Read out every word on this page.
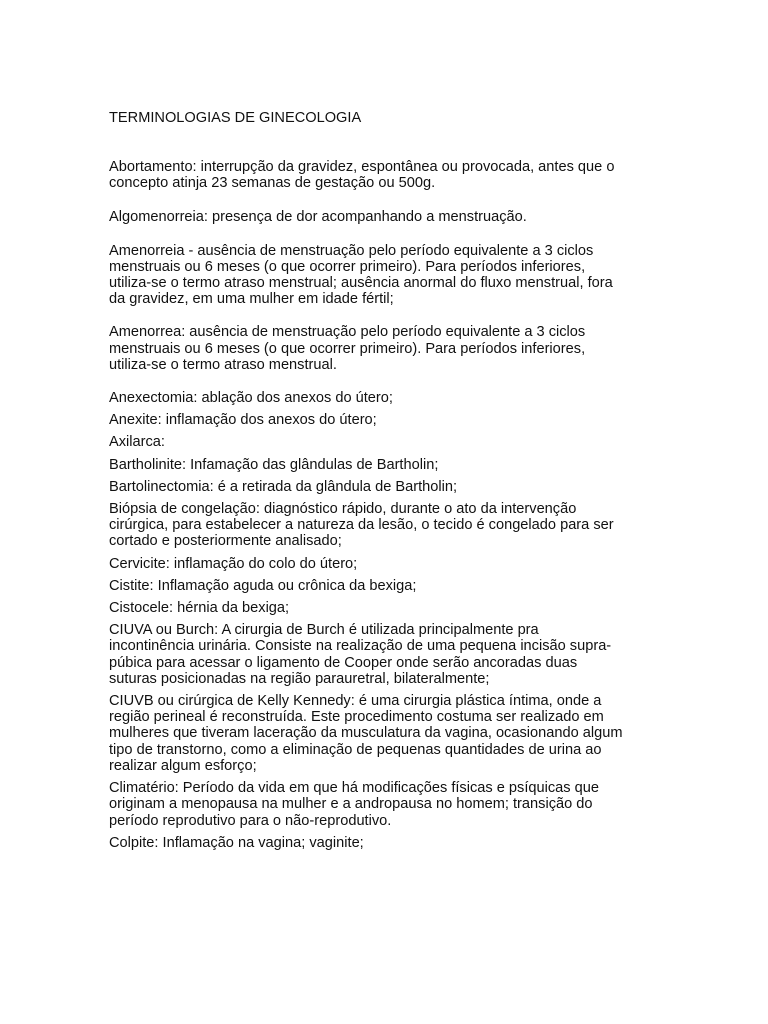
TERMINOLOGIAS DE GINECOLOGIA

Abortamento: interrupção da gravidez, espontânea ou provocada, antes que o
concepto atinja 23 semanas de gestação ou 500g.

Algomenorreia: presença de dor acompanhando a menstruação.

Amenorreia - ausência de menstruação pelo período equivalente a 3 ciclos
menstruais ou 6 meses (o que ocorrer primeiro). Para períodos inferiores,
utiliza-se o termo atraso menstrual; ausência anormal do fluxo menstrual, fora
da gravidez, em uma mulher em idade fértil;

Amenorrea: ausência de menstruação pelo período equivalente a 3 ciclos
menstruais ou 6 meses (o que ocorrer primeiro). Para períodos inferiores,
utiliza-se o termo atraso menstrual.

Anexectomia: ablação dos anexos do útero;

Anexite: inflamação dos anexos do útero;

Axilarca:

Bartholinite: Infamação das glândulas de Bartholin;

Bartolinectomia: é a retirada da glândula de Bartholin;

Biópsia de congelação: diagnóstico rápido, durante o ato da intervenção
cirúrgica, para estabelecer a natureza da lesão, o tecido é congelado para ser
cortado e posteriormente analisado;

Cervicite: inflamação do colo do útero;

Cistite: Inflamação aguda ou crônica da bexiga;

Cistocele: hérnia da bexiga;

CIUVA ou Burch: A cirurgia de Burch é utilizada principalmente pra
incontinência urinária. Consiste na realização de uma pequena incisão supra-
púbica para acessar o ligamento de Cooper onde serão ancoradas duas
suturas posicionadas na região parauretral, bilateralmente;

CIUVB ou cirúrgica de Kelly Kennedy: é uma cirurgia plástica íntima, onde a
região perineal é reconstruída. Este procedimento costuma ser realizado em
mulheres que tiveram laceração da musculatura da vagina, ocasionando algum
tipo de transtorno, como a eliminação de pequenas quantidades de urina ao
realizar algum esforço;

Climatério: Período da vida em que há modificações físicas e psíquicas que
originam a menopausa na mulher e a andropausa no homem; transição do
período reprodutivo para o não-reprodutivo.

Colpite: Inflamação na vagina; vaginite;
